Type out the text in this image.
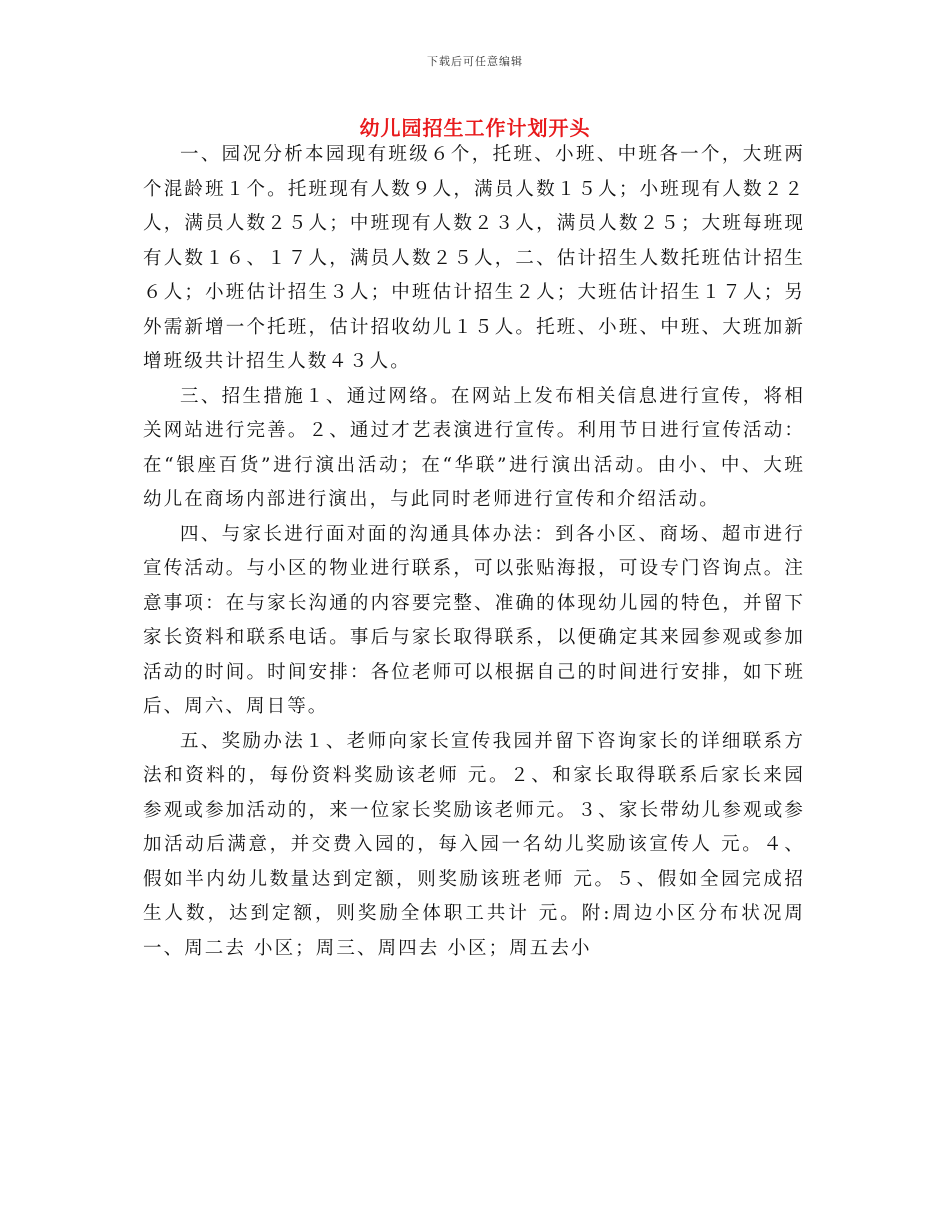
下载后可任意编辑
幼儿园招生工作计划开头

一、园况分析本园现有班级６个，托班、小班、中班各一个，大班两个混龄班１个。托班现有人数９人，满员人数１５人；小班现有人数２２人，满员人数２５人；中班现有人数２３人，满员人数２５；大班每班现有人数１６、１７人，满员人数２５人，二、估计招生人数托班估计招生６人；小班估计招生３人；中班估计招生２人；大班估计招生１７人；另外需新增一个托班，估计招收幼儿１５人。托班、小班、中班、大班加新增班级共计招生人数４３人。

三、招生措施１、通过网络。在网站上发布相关信息进行宣传，将相关网站进行完善。２、通过才艺表演进行宣传。利用节日进行宣传活动：在“银座百货”进行演出活动；在“华联”进行演出活动。由小、中、大班幼儿在商场内部进行演出，与此同时老师进行宣传和介绍活动。

四、与家长进行面对面的沟通具体办法：到各小区、商场、超市进行宣传活动。与小区的物业进行联系，可以张贴海报，可设专门咨询点。注意事项：在与家长沟通的内容要完整、准确的体现幼儿园的特色，并留下家长资料和联系电话。事后与家长取得联系，以便确定其来园参观或参加活动的时间。时间安排：各位老师可以根据自己的时间进行安排，如下班后、周六、周日等。

五、奖励办法１、老师向家长宣传我园并留下咨询家长的详细联系方法和资料的，每份资料奖励该老师 元。２、和家长取得联系后家长来园参观或参加活动的，来一位家长奖励该老师元。３、家长带幼儿参观或参加活动后满意，并交费入园的，每入园一名幼儿奖励该宣传人 元。４、假如半内幼儿数量达到定额，则奖励该班老师 元。５、假如全园完成招生人数，达到定额，则奖励全体职工共计 元。附:周边小区分布状况周一、周二去 小区；周三、周四去 小区；周五去小
